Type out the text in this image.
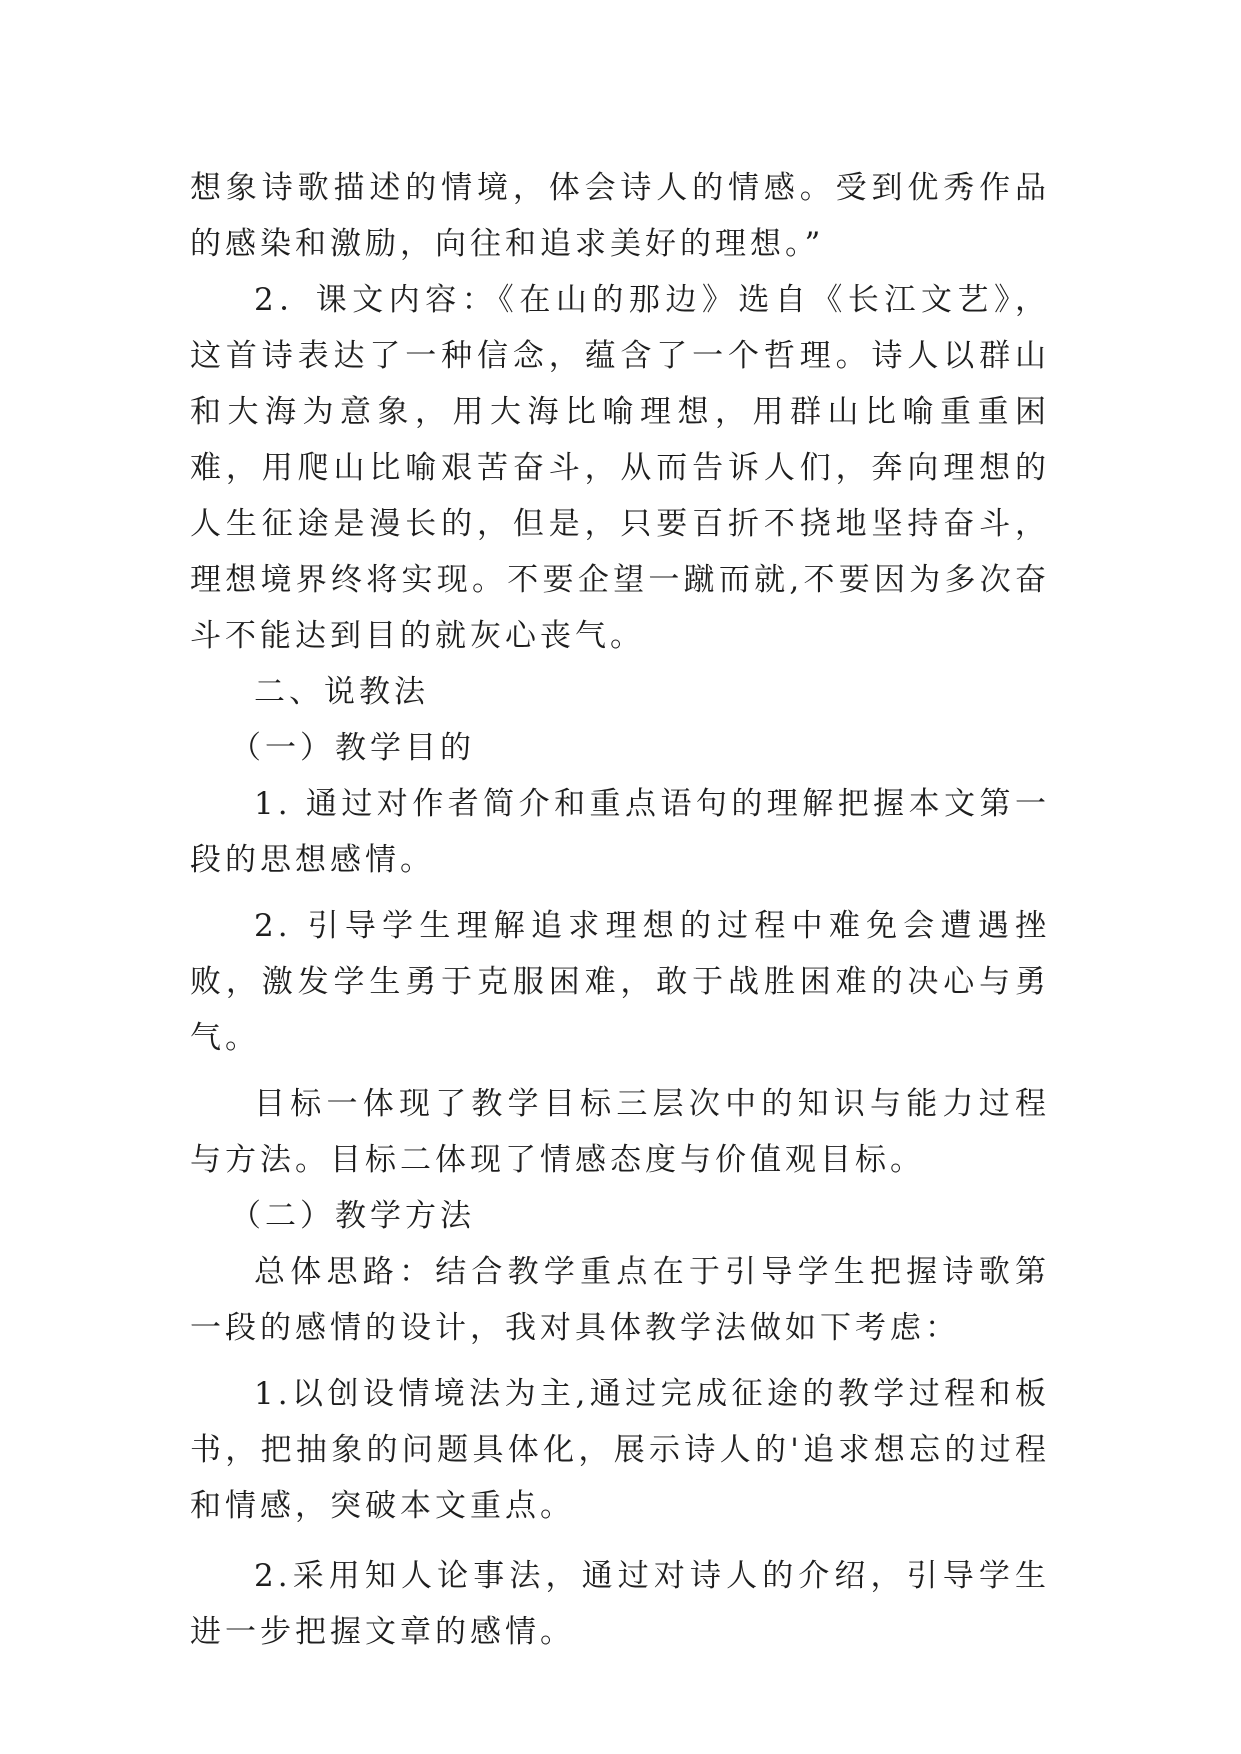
想象诗歌描述的情境，体会诗人的情感。受到优秀作品的感染和激励，向往和追求美好的理想。”

2．课文内容：《在山的那边》选自《长江文艺》，这首诗表达了一种信念，蕴含了一个哲理。诗人以群山和大海为意象，用大海比喻理想，用群山比喻重重困难，用爬山比喻艰苦奋斗，从而告诉人们，奔向理想的人生征途是漫长的，但是，只要百折不挠地坚持奋斗，理想境界终将实现。不要企望一蹴而就,不要因为多次奋斗不能达到目的就灰心丧气。

二、说教法

（一）教学目的

1. 通过对作者简介和重点语句的理解把握本文第一段的思想感情。

2. 引导学生理解追求理想的过程中难免会遭遇挫败，激发学生勇于克服困难，敢于战胜困难的决心与勇气。

目标一体现了教学目标三层次中的知识与能力过程与方法。目标二体现了情感态度与价值观目标。

（二）教学方法

总体思路：结合教学重点在于引导学生把握诗歌第一段的感情的设计，我对具体教学法做如下考虑：

1.以创设情境法为主,通过完成征途的教学过程和板书，把抽象的问题具体化，展示诗人的'追求想忘的过程和情感，突破本文重点。

2.采用知人论事法，通过对诗人的介绍，引导学生进一步把握文章的感情。
